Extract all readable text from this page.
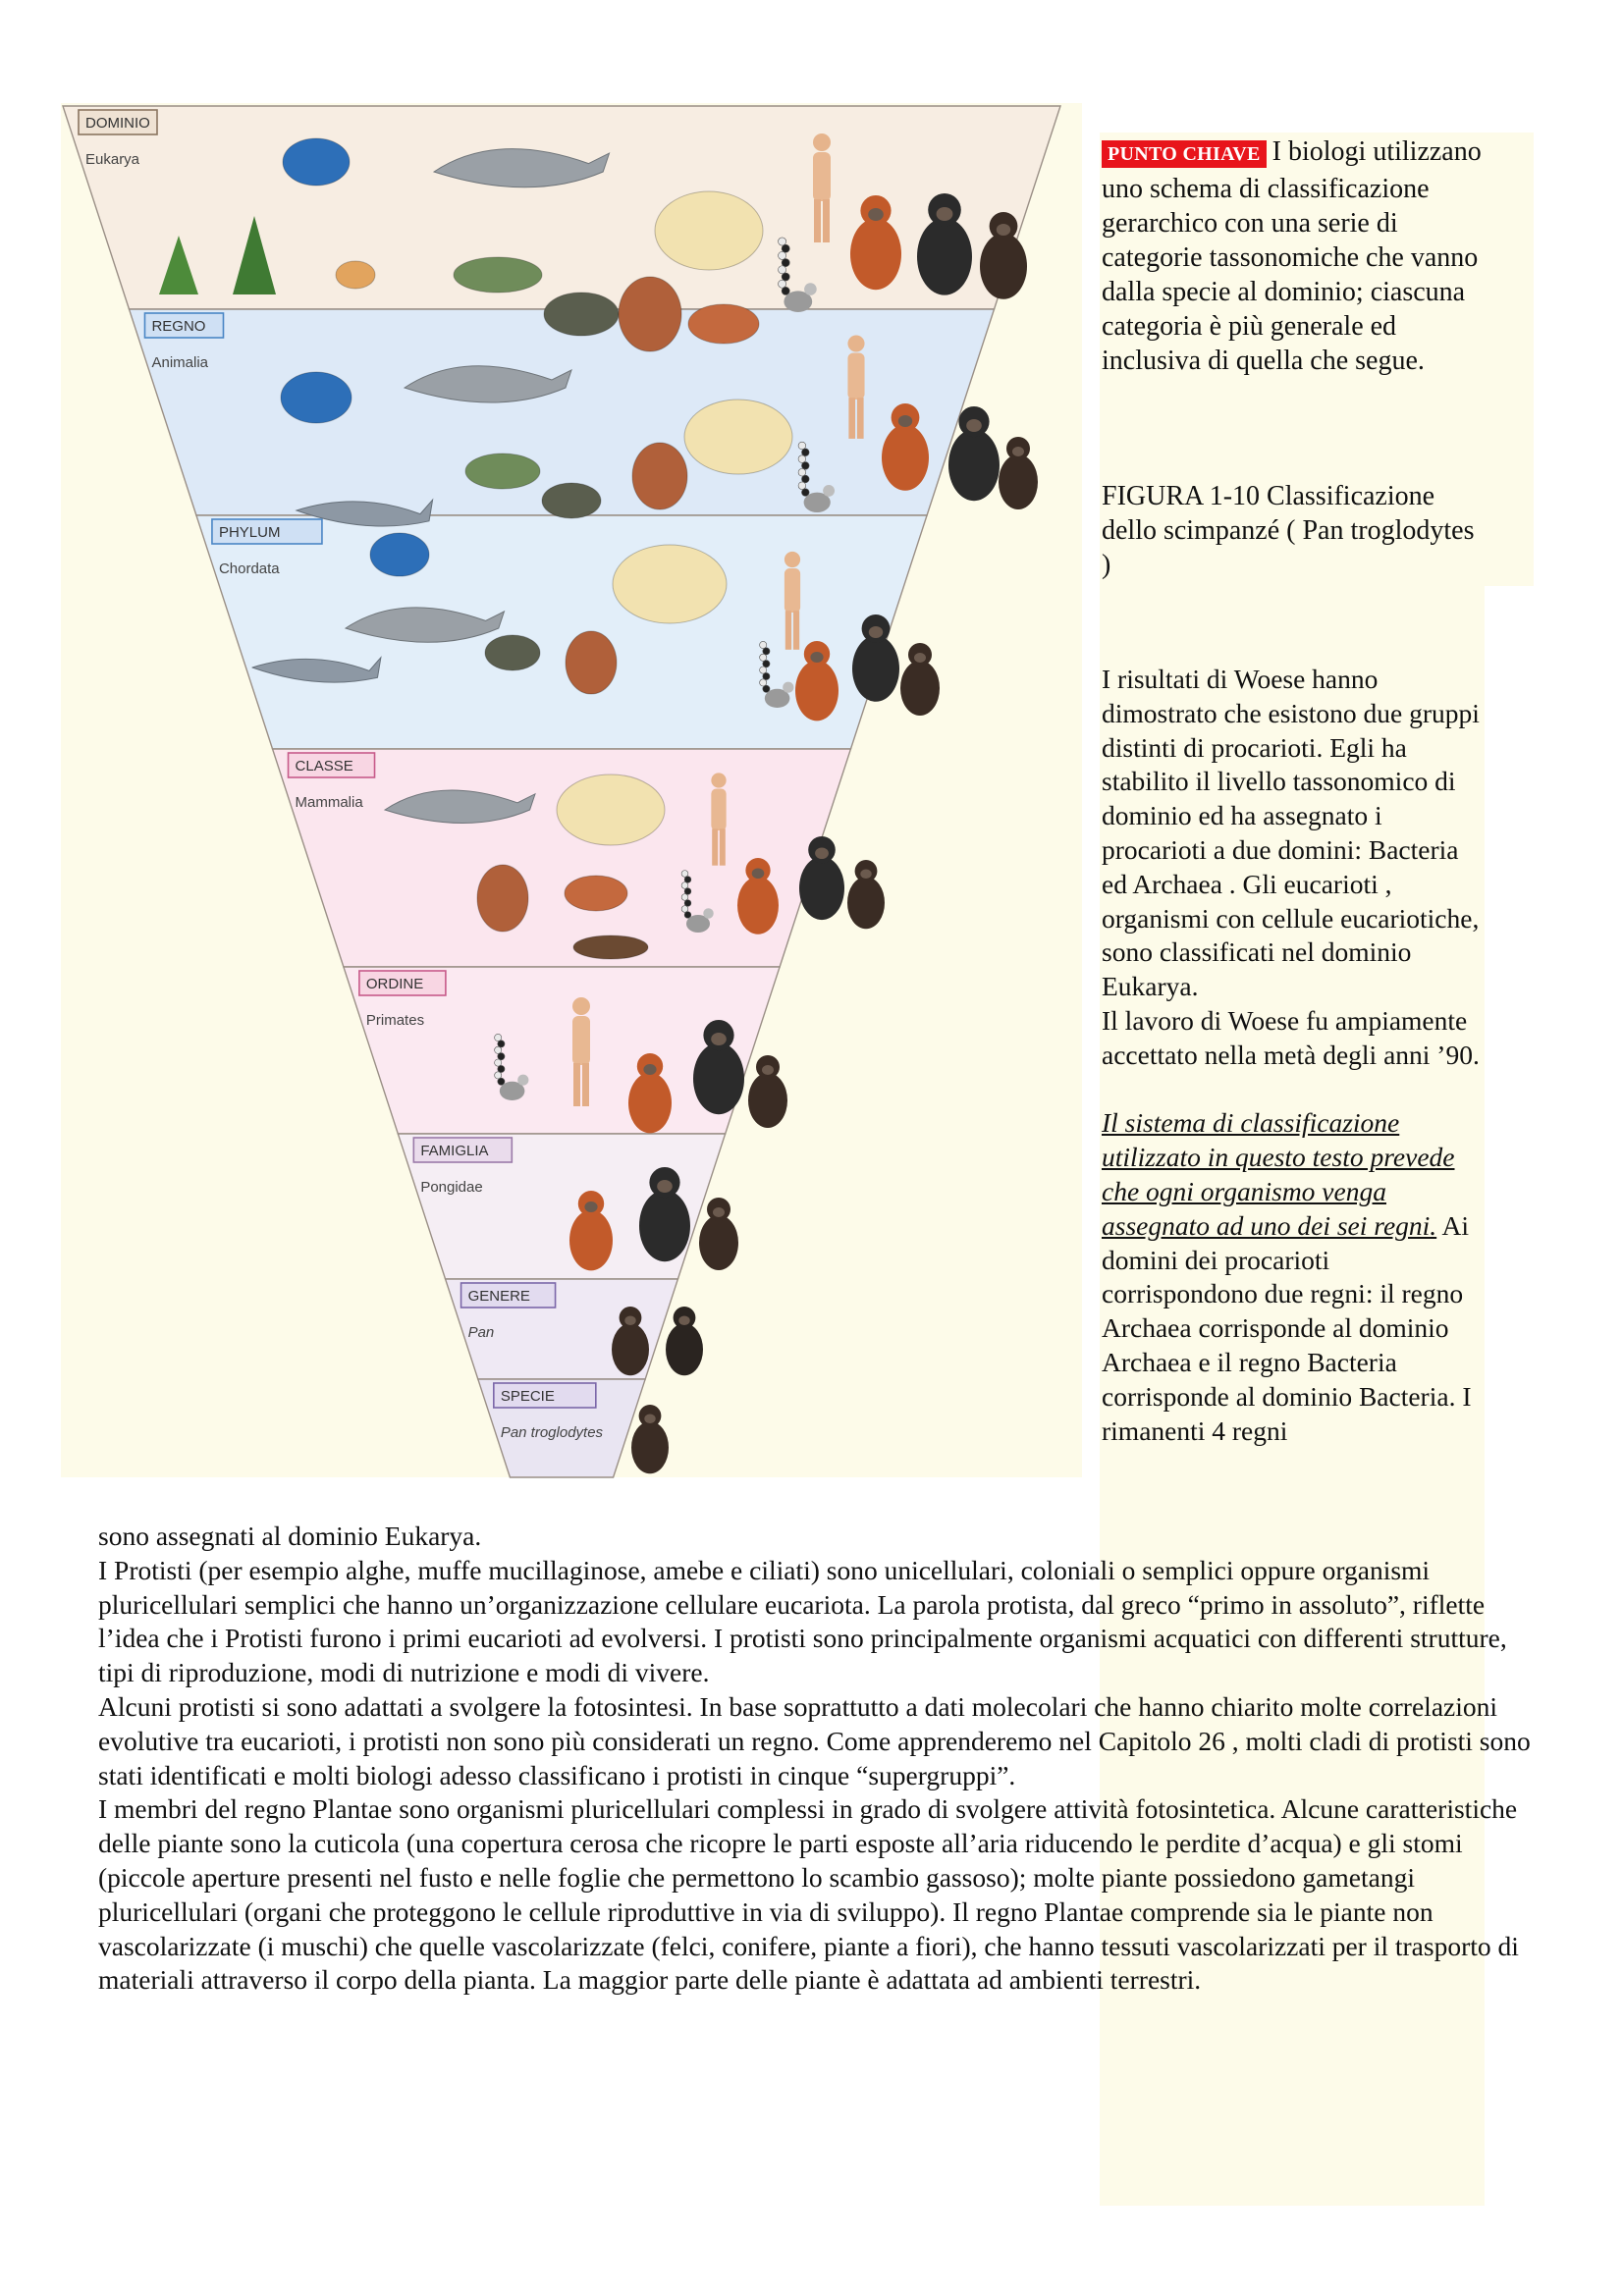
DOMINIO
Eukarya
REGNO
Animalia
PHYLUM
Chordata
CLASSE
Mammalia
ORDINE
Primates
FAMIGLIA
Pongidae
GENERE
Pan
SPECIE
Pan troglodytes
PUNTO CHIAVE I biologi utilizzano uno schema di classificazione gerarchico con una serie di categorie tassonomiche che vanno dalla specie al dominio; ciascuna categoria è più generale ed inclusiva di quella che segue.
FIGURA 1-10 Classificazione dello scimpanzé ( Pan troglodytes )
I risultati di Woese hanno dimostrato che esistono due gruppi distinti di procarioti. Egli ha stabilito il livello tassonomico di dominio ed ha assegnato i procarioti a due domini: Bacteria ed Archaea . Gli eucarioti , organismi con cellule eucariotiche, sono classificati nel dominio Eukarya.
Il lavoro di Woese fu ampiamente accettato nella metà degli anni ’90.

Il sistema di classificazione utilizzato in questo testo prevede che ogni organismo venga assegnato ad uno dei sei regni. Ai domini dei procarioti corrispondono due regni: il regno Archaea corrisponde al dominio Archaea e il regno Bacteria corrisponde al dominio Bacteria. I rimanenti 4 regni

sono assegnati al dominio Eukarya.

I Protisti (per esempio alghe, muffe mucillaginose, amebe e ciliati) sono unicellulari, coloniali o semplici oppure organismi pluricellulari semplici che hanno un’organizzazione cellulare eucariota. La parola protista, dal greco “primo in assoluto”, riflette l’idea che i Protisti furono i primi eucarioti ad evolversi. I protisti sono principalmente organismi acquatici con differenti strutture, tipi di riproduzione, modi di nutrizione e modi di vivere.

Alcuni protisti si sono adattati a svolgere la fotosintesi. In base soprattutto a dati molecolari che hanno chiarito molte correlazioni evolutive tra eucarioti, i protisti non sono più considerati un regno. Come apprenderemo nel Capitolo 26 , molti cladi di protisti sono stati identificati e molti biologi adesso classificano i protisti in cinque “supergruppi”.

I membri del regno Plantae sono organismi pluricellulari complessi in grado di svolgere attività fotosintetica. Alcune caratteristiche delle piante sono la cuticola (una copertura cerosa che ricopre le parti esposte all’aria riducendo le perdite d’acqua) e gli stomi (piccole aperture presenti nel fusto e nelle foglie che permettono lo scambio gassoso); molte piante possiedono gametangi pluricellulari (organi che proteggono le cellule riproduttive in via di sviluppo). Il regno Plantae comprende sia le piante non vascolarizzate (i muschi) che quelle vascolarizzate (felci, conifere, piante a fiori), che hanno tessuti vascolarizzati per il trasporto di materiali attraverso il corpo della pianta. La maggior parte delle piante è adattata ad ambienti terrestri.
